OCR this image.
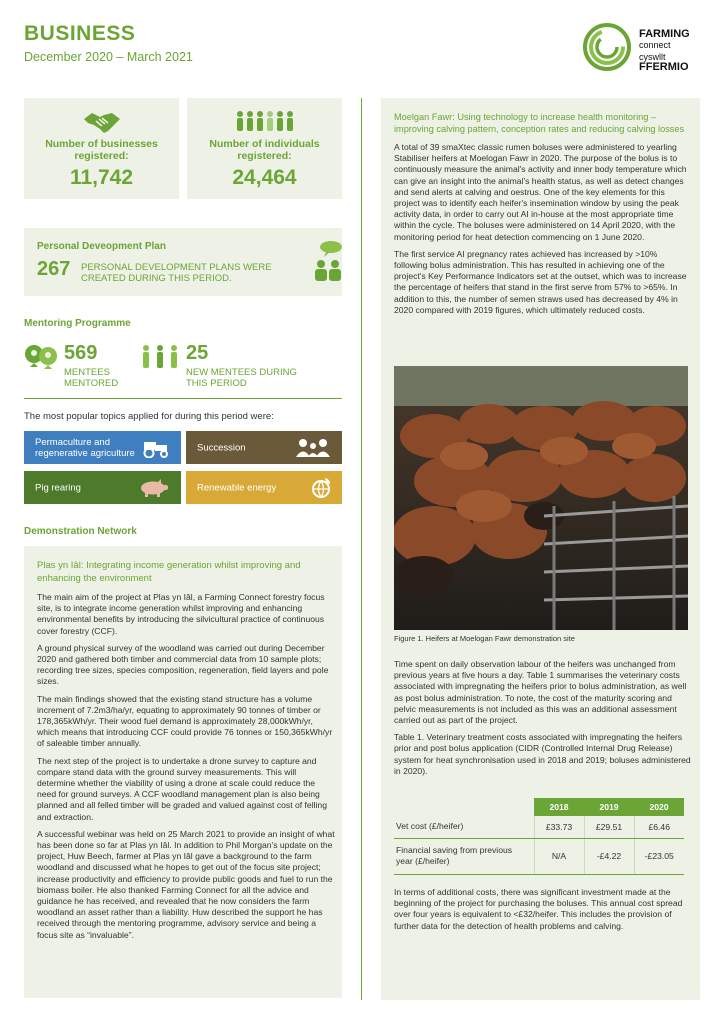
BUSINESS
December 2020 – March 2021
FARMING
connect
cyswllt
FFERMIO
Number of businesses registered:
11,742
Number of individuals registered:
24,464
Personal Deveopment Plan
267 PERSONAL DEVELOPMENT PLANS WERE CREATED DURING THIS PERIOD.
Mentoring Programme
569
MENTEES MENTORED
25
NEW MENTEES DURING THIS PERIOD
The most popular topics applied for during this period were:
Permaculture and regenerative agriculture	Succession
Pig rearing	Renewable energy
Demonstration Network
Plas yn Iâl: Integrating income generation whilst improving and enhancing the environment

The main aim of the project at Plas yn Iâl, a Farming Connect forestry focus site, is to integrate income generation whilst improving and enhancing environmental benefits by introducing the silvicultural practice of continuous cover forestry (CCF).

A ground physical survey of the woodland was carried out during December 2020 and gathered both timber and commercial data from 10 sample plots; recording tree sizes, species composition, regeneration, field layers and pole sizes.

The main findings showed that the existing stand structure has a volume increment of 7.2m3/ha/yr, equating to approximately 90 tonnes of timber or 178,365kWh/yr. Their wood fuel demand is approximately 28,000kWh/yr, which means that introducing CCF could provide 76 tonnes or 150,365kWh/yr of saleable timber annually.

The next step of the project is to undertake a drone survey to capture and compare stand data with the ground survey measurements. This will determine whether the viability of using a drone at scale could reduce the need for ground surveys. A CCF woodland management plan is also being planned and all felled timber will be graded and valued against cost of felling and extraction.

A successful webinar was held on 25 March 2021 to provide an insight of what has been done so far at Plas yn Iâl. In addition to Phil Morgan's update on the project, Huw Beech, farmer at Plas yn Iâl gave a background to the farm woodland and discussed what he hopes to get out of the focus site project; increase productivity and efficiency to provide public goods and fuel to run the biomass boiler. He also thanked Farming Connect for all the advice and guidance he has received, and revealed that he now considers the farm woodland an asset rather than a liability. Huw described the support he has received through the mentoring programme, advisory service and being a focus site as “invaluable”.

Moelgan Fawr: Using technology to increase health monitoring – improving calving pattern, conception rates and reducing calving losses

A total of 39 smaXtec classic rumen boluses were administered to yearling Stabiliser heifers at Moelogan Fawr in 2020. The purpose of the bolus is to continuously measure the animal's activity and inner body temperature which can give an insight into the animal's health status, as well as detect changes and send alerts at calving and oestrus. One of the key elements for this project was to identify each heifer's insemination window by using the peak activity data, in order to carry out AI in-house at the most appropriate time within the cycle. The boluses were administered on 14 April 2020, with the monitoring period for heat detection commencing on 1 June 2020.

The first service AI pregnancy rates achieved has increased by >10% following bolus administration. This has resulted in achieving one of the project's Key Performance Indicators set at the outset, which was to increase the percentage of heifers that stand in the first serve from 57% to >65%. In addition to this, the number of semen straws used has decreased by 4% in 2020 compared with 2019 figures, which ultimately reduced costs.

Figure 1. Heifers at Moelogan Fawr demonstration site

Time spent on daily observation labour of the heifers was unchanged from previous years at five hours a day. Table 1 summarises the veterinary costs associated with impregnating the heifers prior to bolus administration, as well as post bolus administration. To note, the cost of the maturity scoring and pelvic measurements is not included as this was an additional assessment carried out as part of the project.

Table 1. Veterinary treatment costs associated with impregnating the heifers prior and post bolus application (CIDR (Controlled Internal Drug Release) system for heat synchronisation used in 2018 and 2019; boluses administered in 2020).

	2018	2019	2020
Vet cost (£/heifer)	£33.73	£29.51	£6.46
Financial saving from previous year (£/heifer)	N/A	-£4.22	-£23.05
In terms of additional costs, there was significant investment made at the beginning of the project for purchasing the boluses. This annual cost spread over four years is equivalent to <£32/heifer. This includes the provision of further data for the detection of health problems and calving.
